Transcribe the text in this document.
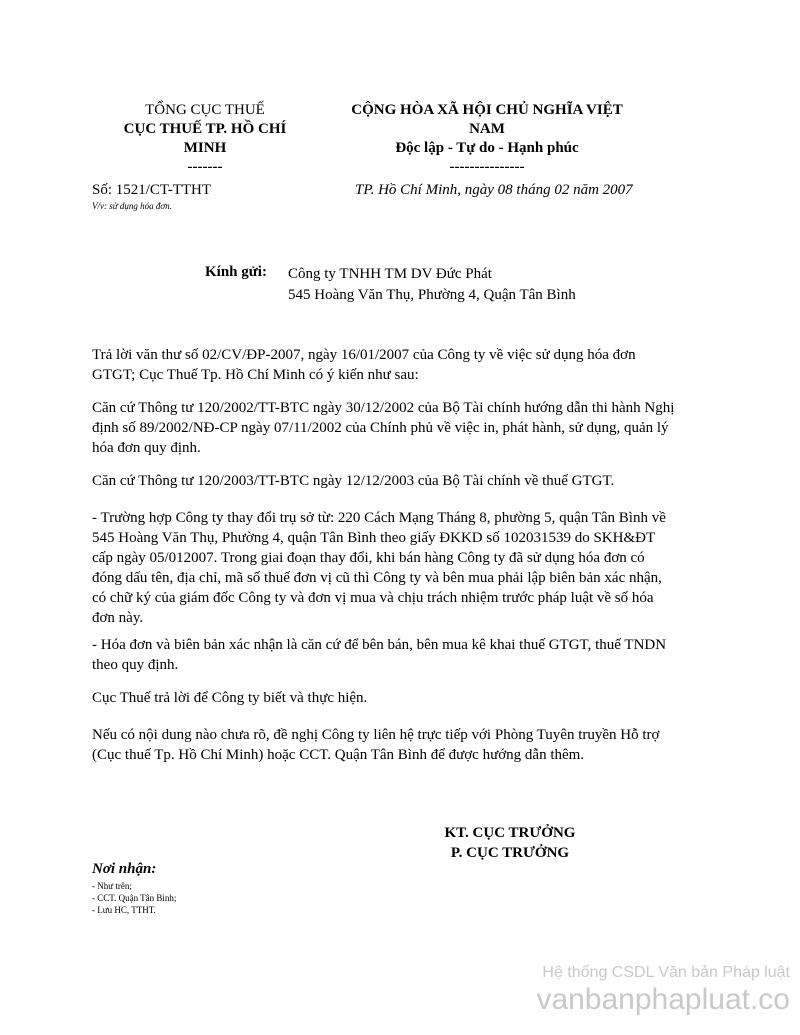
TỔNG CỤC THUẾ
CỤC THUẾ TP. HỒ CHÍ
MINH
-------
CỘNG HÒA XÃ HỘI CHỦ NGHĨA VIỆT
NAM
Độc lập - Tự do - Hạnh phúc
---------------
Số: 1521/CT-TTHT
V/v: sử dụng hóa đơn.
TP. Hồ Chí Minh, ngày 08 tháng 02 năm 2007
Kính gửi: Công ty TNHH TM DV Đức Phát
545 Hoàng Văn Thụ, Phường 4, Quận Tân Bình
Trả lời văn thư số 02/CV/ĐP-2007, ngày 16/01/2007 của Công ty về việc sử dụng hóa đơn
GTGT; Cục Thuế Tp. Hồ Chí Minh có ý kiến như sau:
Căn cứ Thông tư 120/2002/TT-BTC ngày 30/12/2002 của Bộ Tài chính hướng dẫn thi hành Nghị
định số 89/2002/NĐ-CP ngày 07/11/2002 của Chính phủ về việc in, phát hành, sử dụng, quản lý
hóa đơn quy định.
Căn cứ Thông tư 120/2003/TT-BTC ngày 12/12/2003 của Bộ Tài chính về thuế GTGT.
- Trường hợp Công ty thay đổi trụ sở từ: 220 Cách Mạng Tháng 8, phường 5, quận Tân Bình về
545 Hoàng Văn Thụ, Phường 4, quận Tân Bình theo giấy ĐKKD số 102031539 do SKH&ĐT
cấp ngày 05/012007. Trong giai đoạn thay đổi, khi bán hàng Công ty đã sử dụng hóa đơn có
đóng dấu tên, địa chỉ, mã số thuế đơn vị cũ thì Công ty và bên mua phải lập biên bản xác nhận,
có chữ ký của giám đốc Công ty và đơn vị mua và chịu trách nhiệm trước pháp luật về số hóa
đơn này.
- Hóa đơn và biên bản xác nhận là căn cứ để bên bán, bên mua kê khai thuế GTGT, thuế TNDN
theo quy định.
Cục Thuế trả lời để Công ty biết và thực hiện.
Nếu có nội dung nào chưa rõ, đề nghị Công ty liên hệ trực tiếp với Phòng Tuyên truyền Hỗ trợ
(Cục thuế Tp. Hồ Chí Minh) hoặc CCT. Quận Tân Bình để được hướng dẫn thêm.
KT. CỤC TRƯỞNG
P. CỤC TRƯỞNG
Nơi nhận:
- Như trên;
- CCT. Quận Tân Bình;
- Lưu HC, TTHT.
Hệ thống CSDL Văn bản Pháp luật
vanbanphapluat.co
